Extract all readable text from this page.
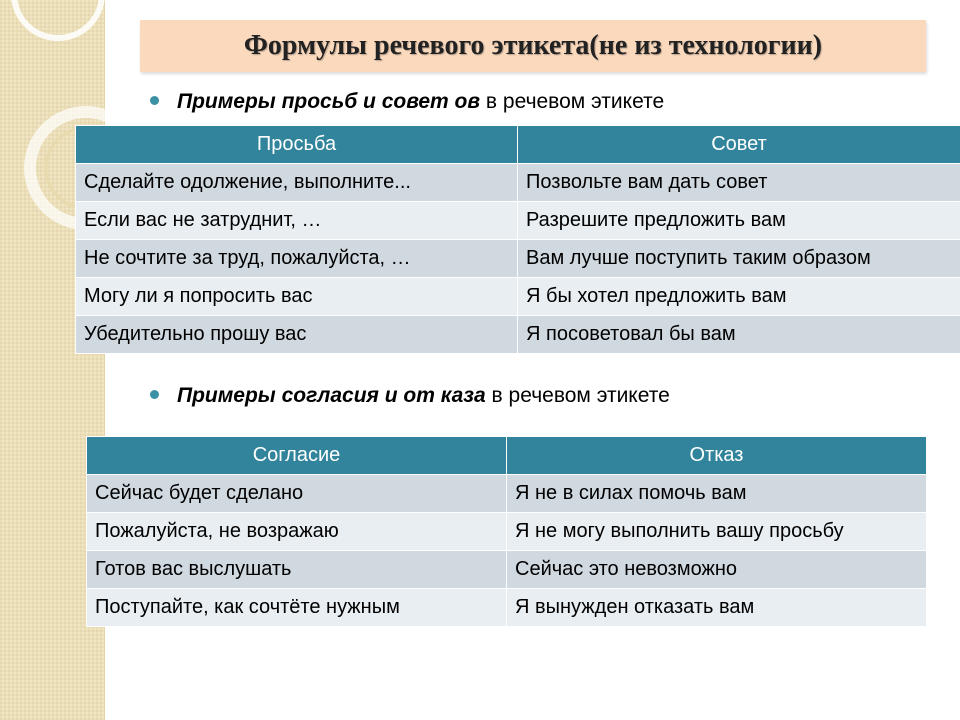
Формулы речевого этикета(не из технологии)
Примеры просьб и совет ов в речевом этикете
Просьба	Совет
Сделайте одолжение, выполните...	Позвольте вам дать совет
Если вас не затруднит, …	Разрешите предложить вам
Не сочтите за труд, пожалуйста, …	Вам лучше поступить таким образом
Могу ли я попросить вас	Я бы хотел предложить вам
Убедительно прошу вас	Я посоветовал бы вам
Примеры согласия и от каза в речевом этикете
Согласие	Отказ
Сейчас будет сделано	Я не в силах помочь вам
Пожалуйста, не возражаю	Я не могу выполнить вашу просьбу
Готов вас выслушать	Сейчас это невозможно
Поступайте, как сочтёте нужным	Я вынужден отказать вам
